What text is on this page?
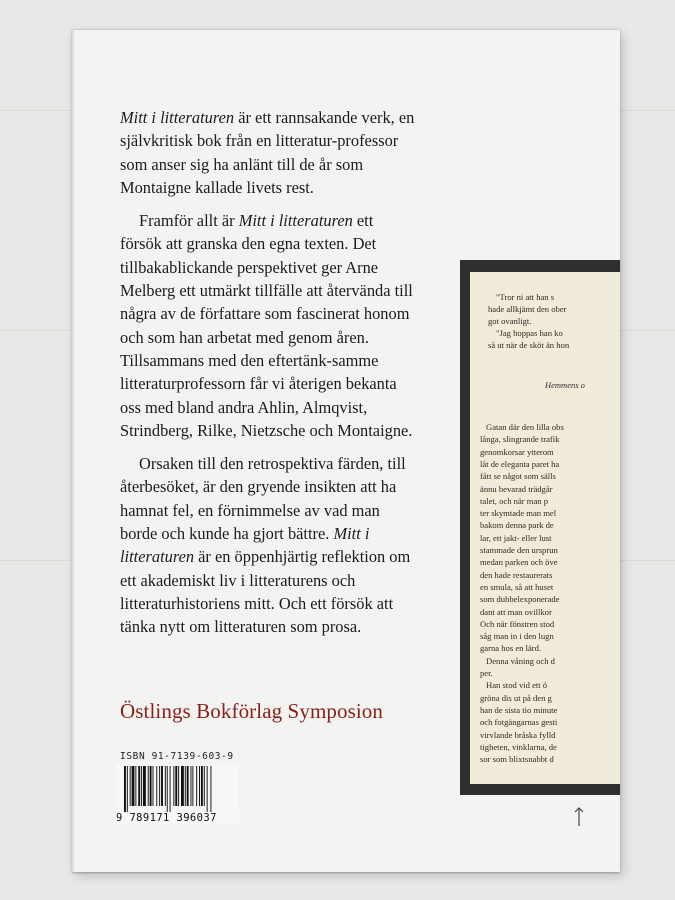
Mitt i litteraturen är ett rannsakande verk, en självkritisk bok från en litteratur-professor som anser sig ha anlänt till de år som Montaigne kallade livets rest.

Framför allt är Mitt i litteraturen ett försök att granska den egna texten. Det tillbakablickande perspektivet ger Arne Melberg ett utmärkt tillfälle att återvända till några av de författare som fascinerat honom och som han arbetat med genom åren. Tillsammans med den eftertänk-samme litteraturprofessorn får vi återigen bekanta oss med bland andra Ahlin, Almqvist, Strindberg, Rilke, Nietzsche och Montaigne.

Orsaken till den retrospektiva färden, till återbesöket, är den gryende insikten att ha hamnat fel, en förnimmelse av vad man borde och kunde ha gjort bättre. Mitt i litteraturen är en öppenhjärtig reflektion om ett akademiskt liv i litteraturens och litteraturhistoriens mitt. Och ett försök att tänka nytt om litteraturen som prosa.

Östlings Bokförlag Symposion
ISBN 91-7139-603-9
9 789171 396037
"Tror ni att han s
hade allkjämt den ober
got ovanligt.
"Jag hoppas han ko
så ut när de sköt än hon
Hemmens o
Gatan där den lilla obs
långa, slingrande trafik
genomkorsar ytterom
låt de eleganta paret ha
fått se något som sälls
ännu bevarad trädgår
talet, och när man p
ter skymtade man mel
bakom denna park de
lar, ett jakt- eller lust
stammade den ursprun
medan parken och öve
den hade restaurerats
en smula, så att huset
som dubbelexponerade
dant att man ovillkor
Och när fönstren stod
såg man in i den lugn
garna hos en lärd.
Denna våning och d
per.
Han stod vid ett ö
gröna dis ut på den g
han de sista tio minute
och fotgängarnas gesti
virvlande bråska fylld
tigheten, vinklarna, de
sor som blixtsnabbt d
